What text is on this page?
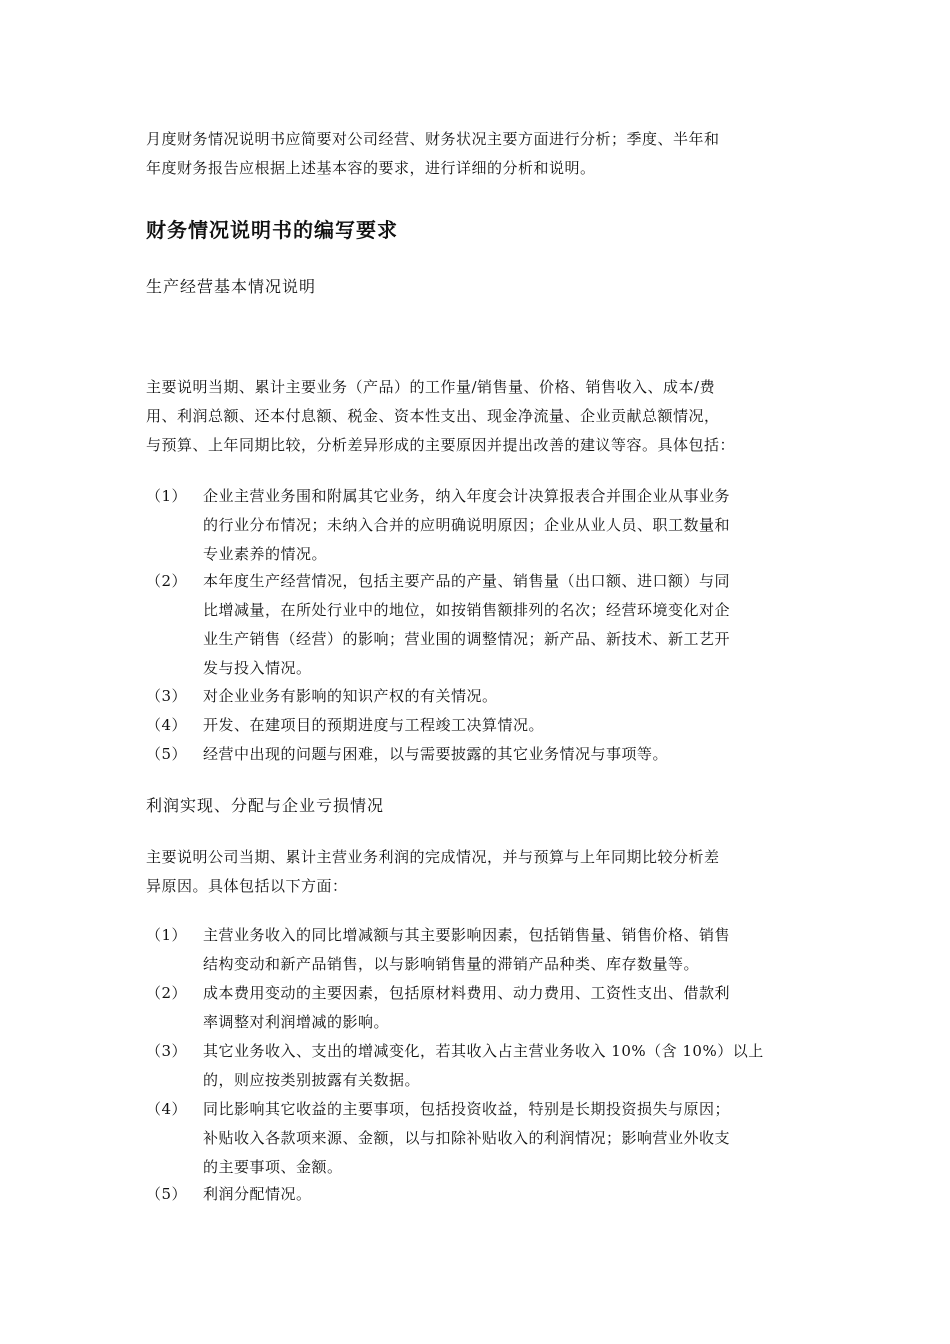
月度财务情况说明书应简要对公司经营、财务状况主要方面进行分析；季度、半年和
年度财务报告应根据上述基本容的要求，进行详细的分析和说明。
财务情况说明书的编写要求
生产经营基本情况说明
主要说明当期、累计主要业务（产品）的工作量/销售量、价格、销售收入、成本/费
用、利润总额、还本付息额、税金、资本性支出、现金净流量、企业贡献总额情况，
与预算、上年同期比较，分析差异形成的主要原因并提出改善的建议等容。具体包括：
（1）	企业主营业务围和附属其它业务，纳入年度会计决算报表合并围企业从事业务
的行业分布情况；未纳入合并的应明确说明原因；企业从业人员、职工数量和
专业素养的情况。
（2）	本年度生产经营情况，包括主要产品的产量、销售量（出口额、进口额）与同
比增减量，在所处行业中的地位，如按销售额排列的名次；经营环境变化对企
业生产销售（经营）的影响；营业围的调整情况；新产品、新技术、新工艺开
发与投入情况。
（3）	对企业业务有影响的知识产权的有关情况。
（4）	开发、在建项目的预期进度与工程竣工决算情况。
（5）	经营中出现的问题与困难，以与需要披露的其它业务情况与事项等。
利润实现、分配与企业亏损情况
主要说明公司当期、累计主营业务利润的完成情况，并与预算与上年同期比较分析差
异原因。具体包括以下方面：
（1）	主营业务收入的同比增减额与其主要影响因素，包括销售量、销售价格、销售
结构变动和新产品销售，以与影响销售量的滞销产品种类、库存数量等。
（2）	成本费用变动的主要因素，包括原材料费用、动力费用、工资性支出、借款利
率调整对利润增减的影响。
（3）	其它业务收入、支出的增减变化，若其收入占主营业务收入 10%（含 10%）以上
的，则应按类别披露有关数据。
（4）	同比影响其它收益的主要事项，包括投资收益，特别是长期投资损失与原因；
补贴收入各款项来源、金额，以与扣除补贴收入的利润情况；影响营业外收支
的主要事项、金额。
（5）	利润分配情况。
